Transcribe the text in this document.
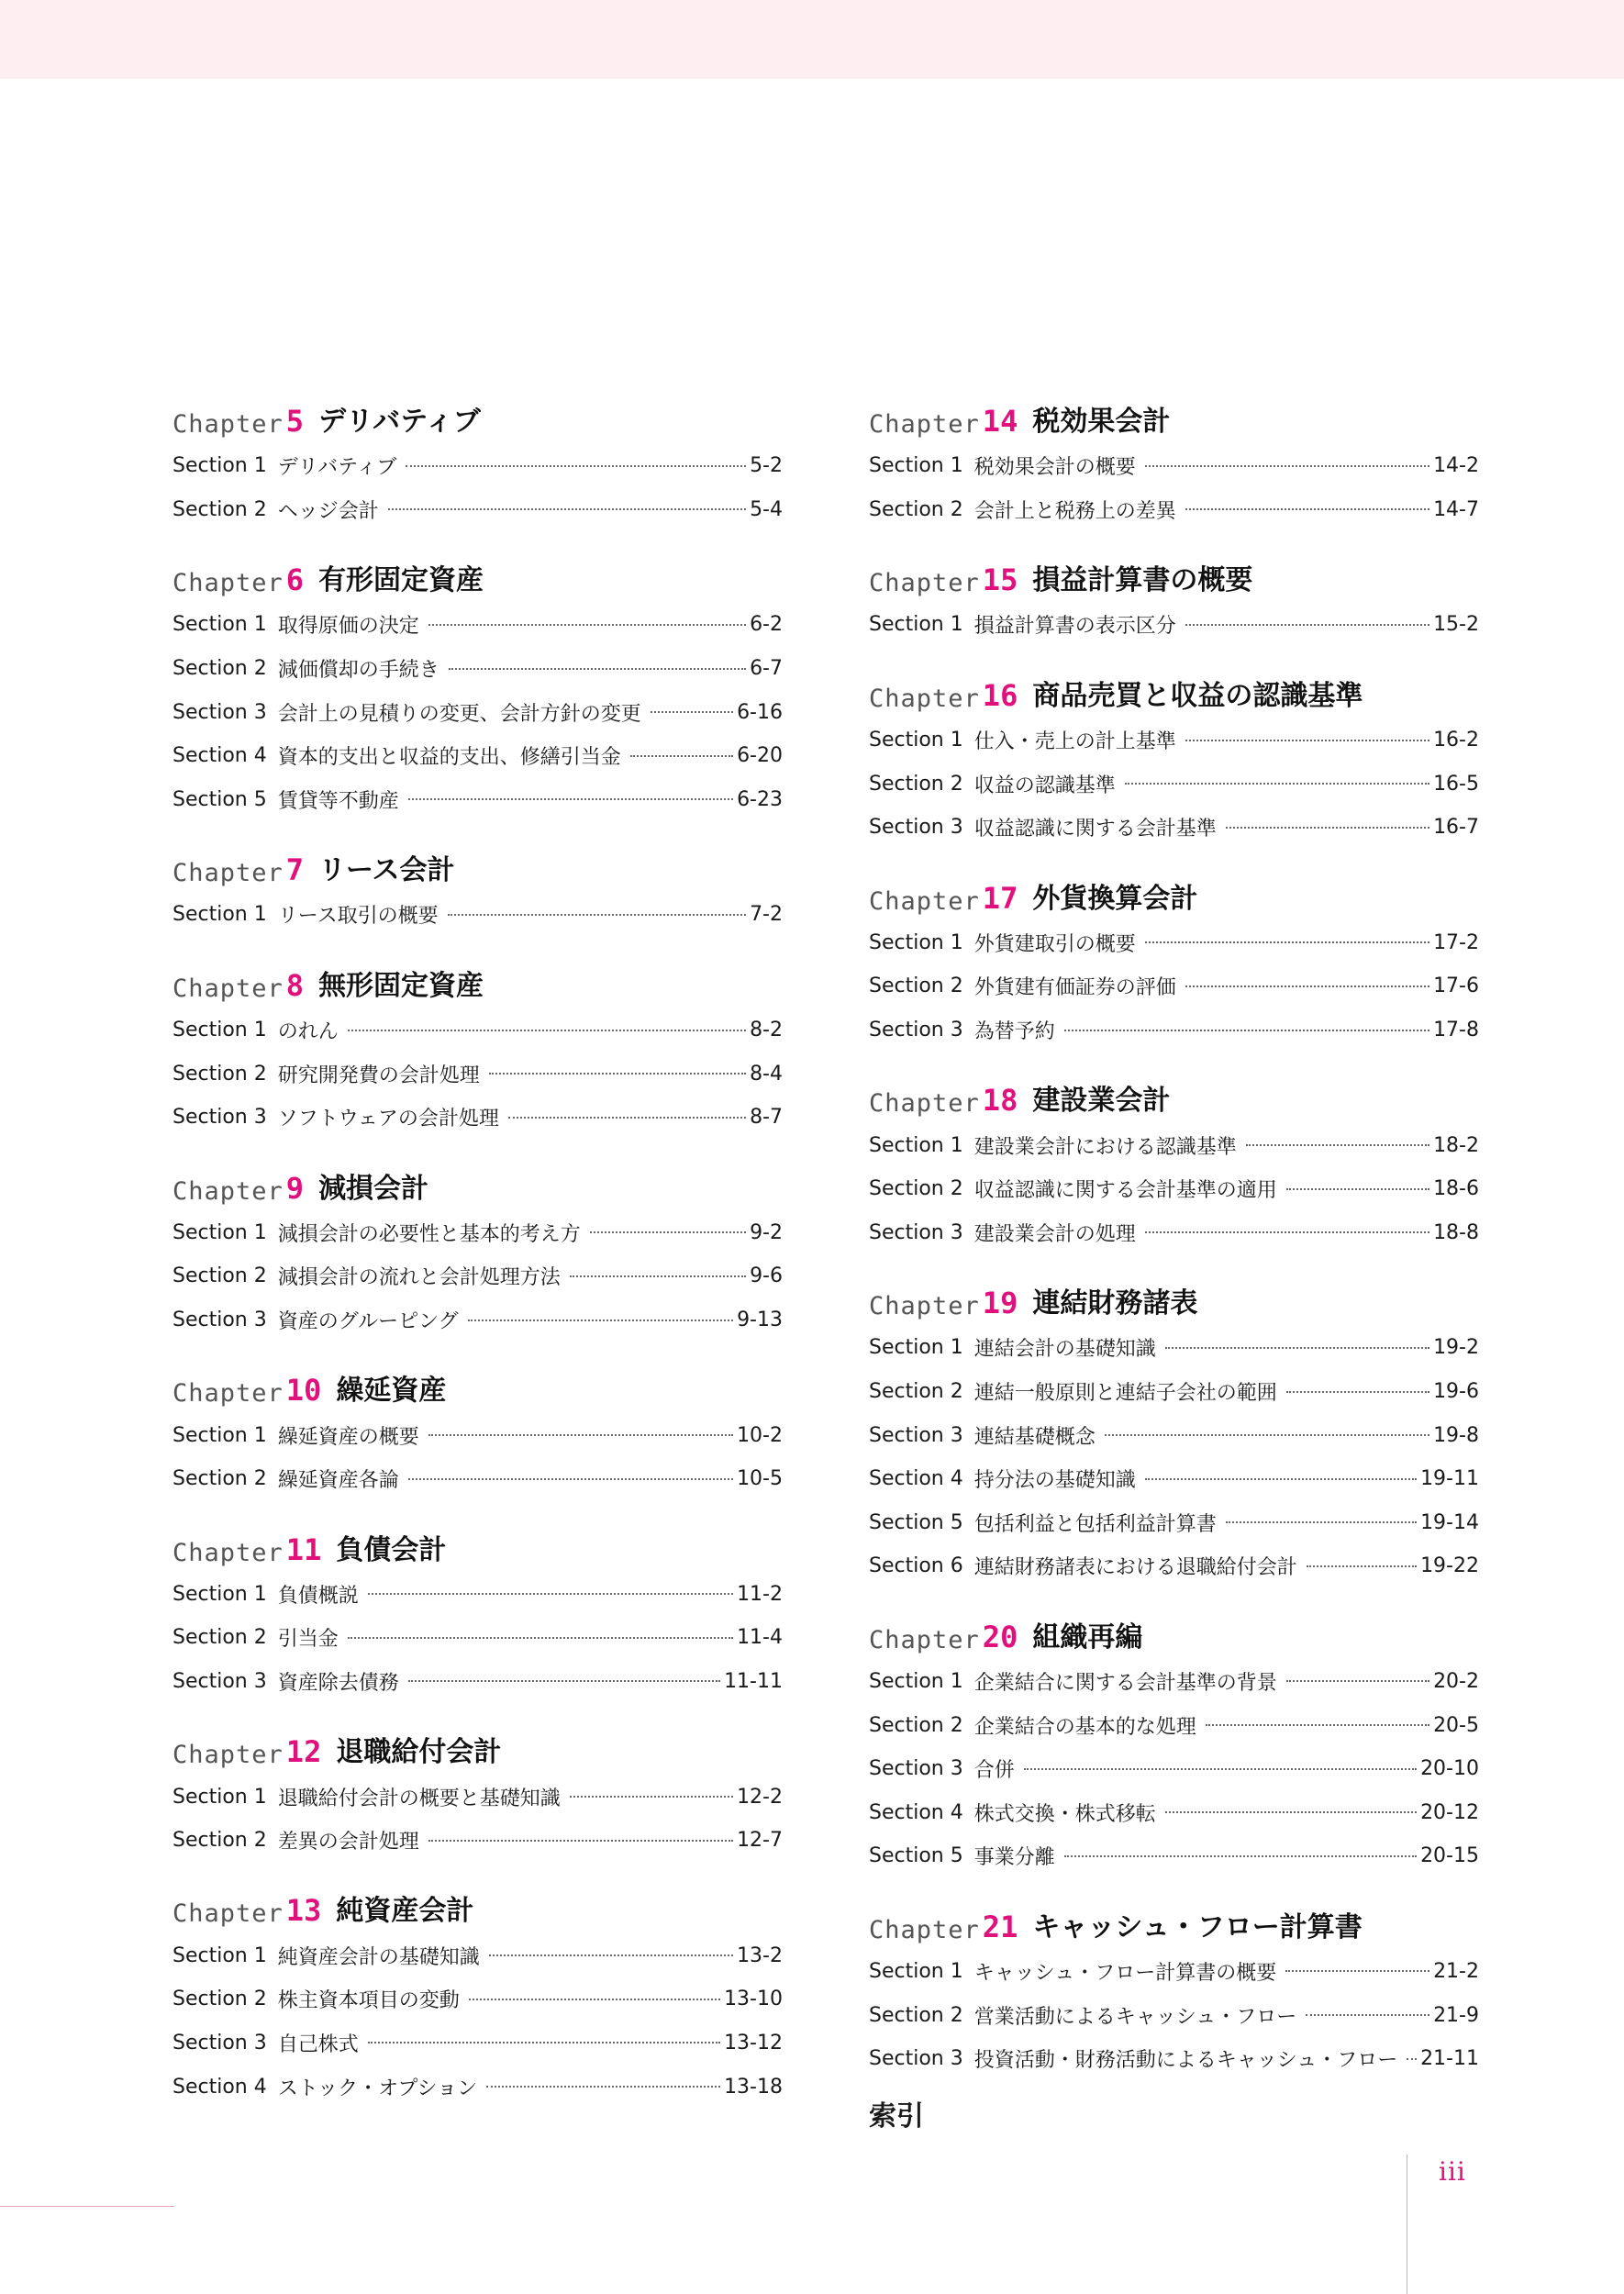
Chapter 5 デリバティブ
Section 1 デリバティブ	5-2
Section 2 ヘッジ会計	5-4
Chapter 6 有形固定資産
Section 1 取得原価の決定	6-2
Section 2 減価償却の手続き	6-7
Section 3 会計上の見積りの変更、会計方針の変更	6-16
Section 4 資本的支出と収益的支出、修繕引当金	6-20
Section 5 賃貸等不動産	6-23
Chapter 7 リース会計
Section 1 リース取引の概要	7-2
Chapter 8 無形固定資産
Section 1 のれん	8-2
Section 2 研究開発費の会計処理	8-4
Section 3 ソフトウェアの会計処理	8-7
Chapter 9 減損会計
Section 1 減損会計の必要性と基本的考え方	9-2
Section 2 減損会計の流れと会計処理方法	9-6
Section 3 資産のグルーピング	9-13
Chapter 10 繰延資産
Section 1 繰延資産の概要	10-2
Section 2 繰延資産各論	10-5
Chapter 11 負債会計
Section 1 負債概説	11-2
Section 2 引当金	11-4
Section 3 資産除去債務	11-11
Chapter 12 退職給付会計
Section 1 退職給付会計の概要と基礎知識	12-2
Section 2 差異の会計処理	12-7
Chapter 13 純資産会計
Section 1 純資産会計の基礎知識	13-2
Section 2 株主資本項目の変動	13-10
Section 3 自己株式	13-12
Section 4 ストック・オプション	13-18
Chapter 14 税効果会計
Section 1 税効果会計の概要	14-2
Section 2 会計上と税務上の差異	14-7
Chapter 15 損益計算書の概要
Section 1 損益計算書の表示区分	15-2
Chapter 16 商品売買と収益の認識基準
Section 1 仕入・売上の計上基準	16-2
Section 2 収益の認識基準	16-5
Section 3 収益認識に関する会計基準	16-7
Chapter 17 外貨換算会計
Section 1 外貨建取引の概要	17-2
Section 2 外貨建有価証券の評価	17-6
Section 3 為替予約	17-8
Chapter 18 建設業会計
Section 1 建設業会計における認識基準	18-2
Section 2 収益認識に関する会計基準の適用	18-6
Section 3 建設業会計の処理	18-8
Chapter 19 連結財務諸表
Section 1 連結会計の基礎知識	19-2
Section 2 連結一般原則と連結子会社の範囲	19-6
Section 3 連結基礎概念	19-8
Section 4 持分法の基礎知識	19-11
Section 5 包括利益と包括利益計算書	19-14
Section 6 連結財務諸表における退職給付会計	19-22
Chapter 20 組織再編
Section 1 企業結合に関する会計基準の背景	20-2
Section 2 企業結合の基本的な処理	20-5
Section 3 合併	20-10
Section 4 株式交換・株式移転	20-12
Section 5 事業分離	20-15
Chapter 21 キャッシュ・フロー計算書
Section 1 キャッシュ・フロー計算書の概要	21-2
Section 2 営業活動によるキャッシュ・フロー	21-9
Section 3 投資活動・財務活動によるキャッシュ・フロー 21-11
索引
iii
